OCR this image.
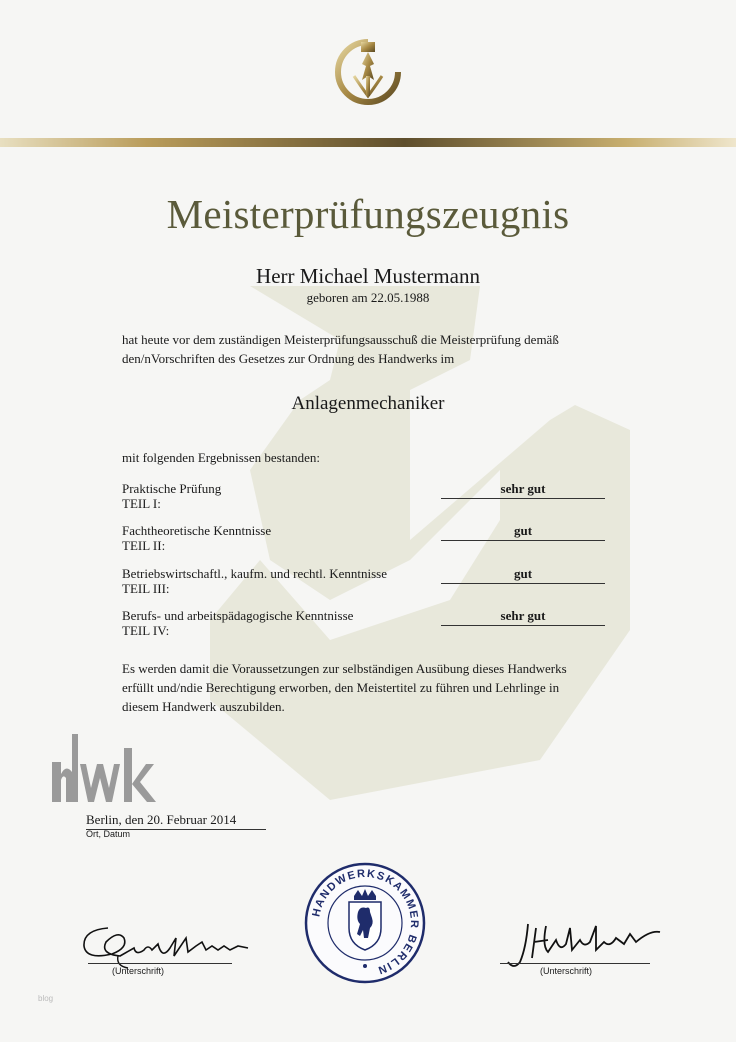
Meisterprüfungszeugnis
Herr Michael Mustermann
geboren am 22.05.1988
hat heute vor dem zuständigen Meisterprüfungsausschuß die Meisterprüfung demäß
den/nVorschriften des Gesetzes zur Ordnung des Handwerks im
Anlagenmechaniker
mit folgenden Ergebnissen bestanden:
Praktische Prüfung
TEIL I:
sehr gut
Fachtheoretische Kenntnisse
TEIL II:
gut
Betriebswirtschaftl., kaufm. und rechtl. Kenntnisse
TEIL III:
gut
Berufs- und arbeitspädagogische Kenntnisse
TEIL IV:
sehr gut
Es werden damit die Voraussetzungen zur selbständigen Ausübung dieses Handwerks
erfüllt und/ndie Berechtigung erworben, den Meistertitel zu führen und Lehrlinge in
diesem Handwerk auszubilden.
Berlin, den 20. Februar 2014
Ort, Datum
(Unterschrift)
HANDWERKSKAMMER BERLIN	(Unterschrift)
blog
